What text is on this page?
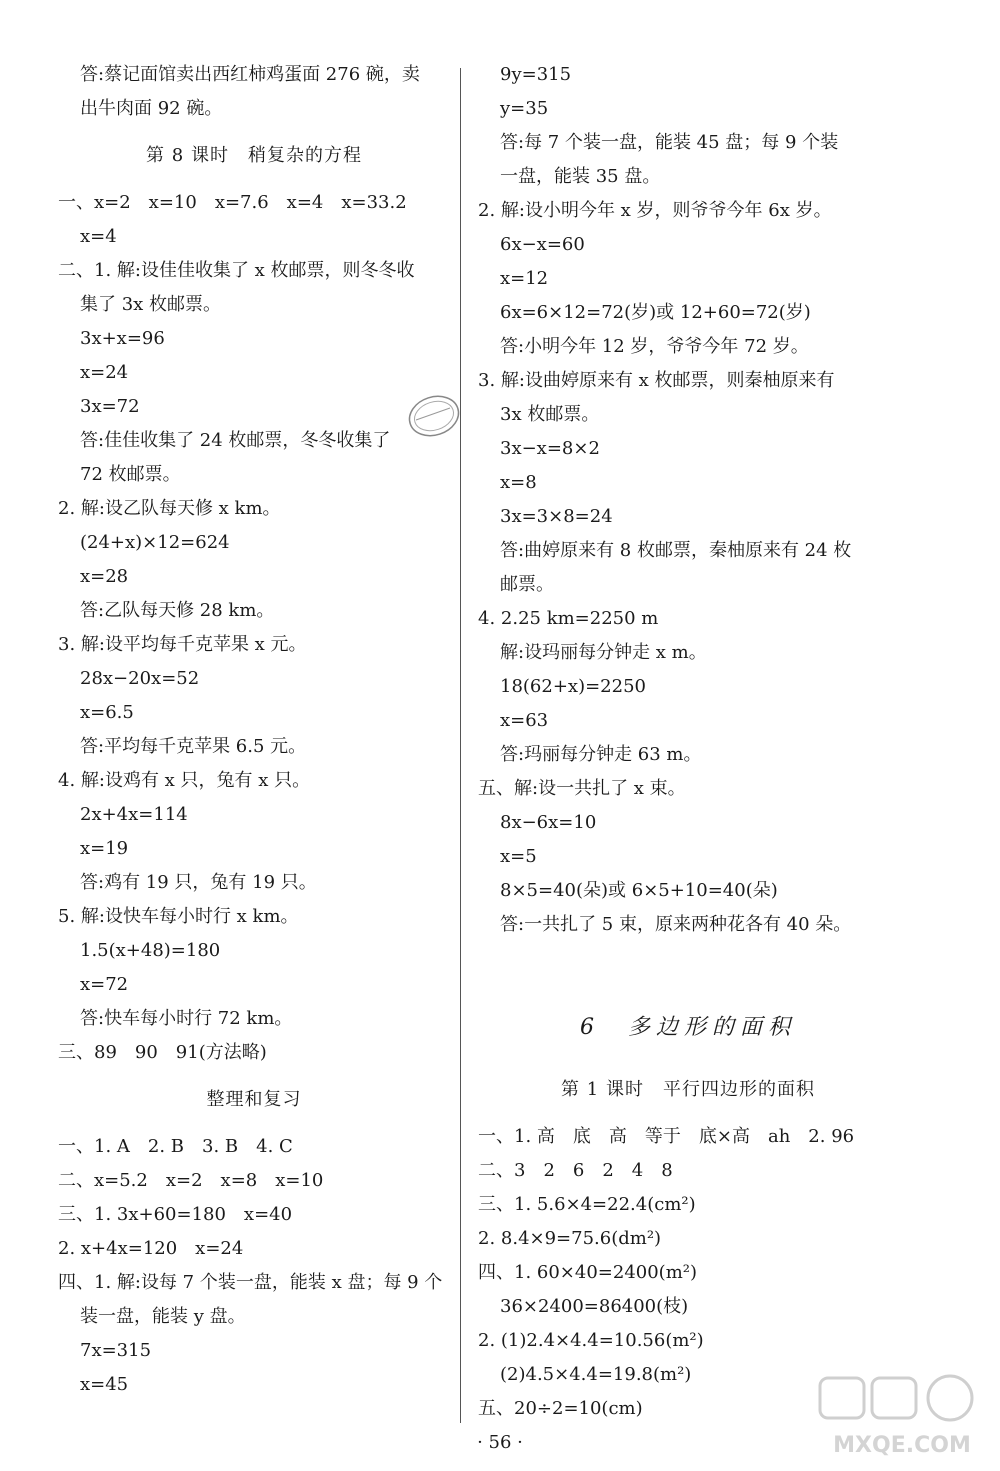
答:蔡记面馆卖出西红柿鸡蛋面 276 碗，卖
出牛肉面 92 碗。
第 8 课时　稍复杂的方程
一、x=2　x=10　x=7.6　x=4　x=33.2
x=4
二、1. 解:设佳佳收集了 x 枚邮票，则冬冬收
集了 3x 枚邮票。
3x+x=96
x=24
3x=72
答:佳佳收集了 24 枚邮票，冬冬收集了
72 枚邮票。
2. 解:设乙队每天修 x km。
(24+x)×12=624
x=28
答:乙队每天修 28 km。
3. 解:设平均每千克苹果 x 元。
28x−20x=52
x=6.5
答:平均每千克苹果 6.5 元。
4. 解:设鸡有 x 只，兔有 x 只。
2x+4x=114
x=19
答:鸡有 19 只，兔有 19 只。
5. 解:设快车每小时行 x km。
1.5(x+48)=180
x=72
答:快车每小时行 72 km。
三、89　90　91(方法略)
整理和复习
一、1. A　2. B　3. B　4. C
二、x=5.2　x=2　x=8　x=10
三、1. 3x+60=180　x=40
2. x+4x=120　x=24
四、1. 解:设每 7 个装一盘，能装 x 盘；每 9 个
装一盘，能装 y 盘。
7x=315
x=45
9y=315
y=35
答:每 7 个装一盘，能装 45 盘；每 9 个装
一盘，能装 35 盘。
2. 解:设小明今年 x 岁，则爷爷今年 6x 岁。
6x−x=60
x=12
6x=6×12=72(岁)或 12+60=72(岁)
答:小明今年 12 岁，爷爷今年 72 岁。
3. 解:设曲婷原来有 x 枚邮票，则秦柚原来有
3x 枚邮票。
3x−x=8×2
x=8
3x=3×8=24
答:曲婷原来有 8 枚邮票，秦柚原来有 24 枚
邮票。
4. 2.25 km=2250 m
解:设玛丽每分钟走 x m。
18(62+x)=2250
x=63
答:玛丽每分钟走 63 m。
五、解:设一共扎了 x 束。
8x−6x=10
x=5
8×5=40(朵)或 6×5+10=40(朵)
答:一共扎了 5 束，原来两种花各有 40 朵。
6　多边形的面积
第 1 课时　平行四边形的面积
一、1. 高　底　高　等于　底×高　ah　2. 96
二、3　2　6　2　4　8
三、1. 5.6×4=22.4(cm²)
2. 8.4×9=75.6(dm²)
四、1. 60×40=2400(m²)
36×2400=86400(枝)
2. (1)2.4×4.4=10.56(m²)
(2)4.5×4.4=19.8(m²)
五、20÷2=10(cm)
MXQE.COM
· 56 ·
